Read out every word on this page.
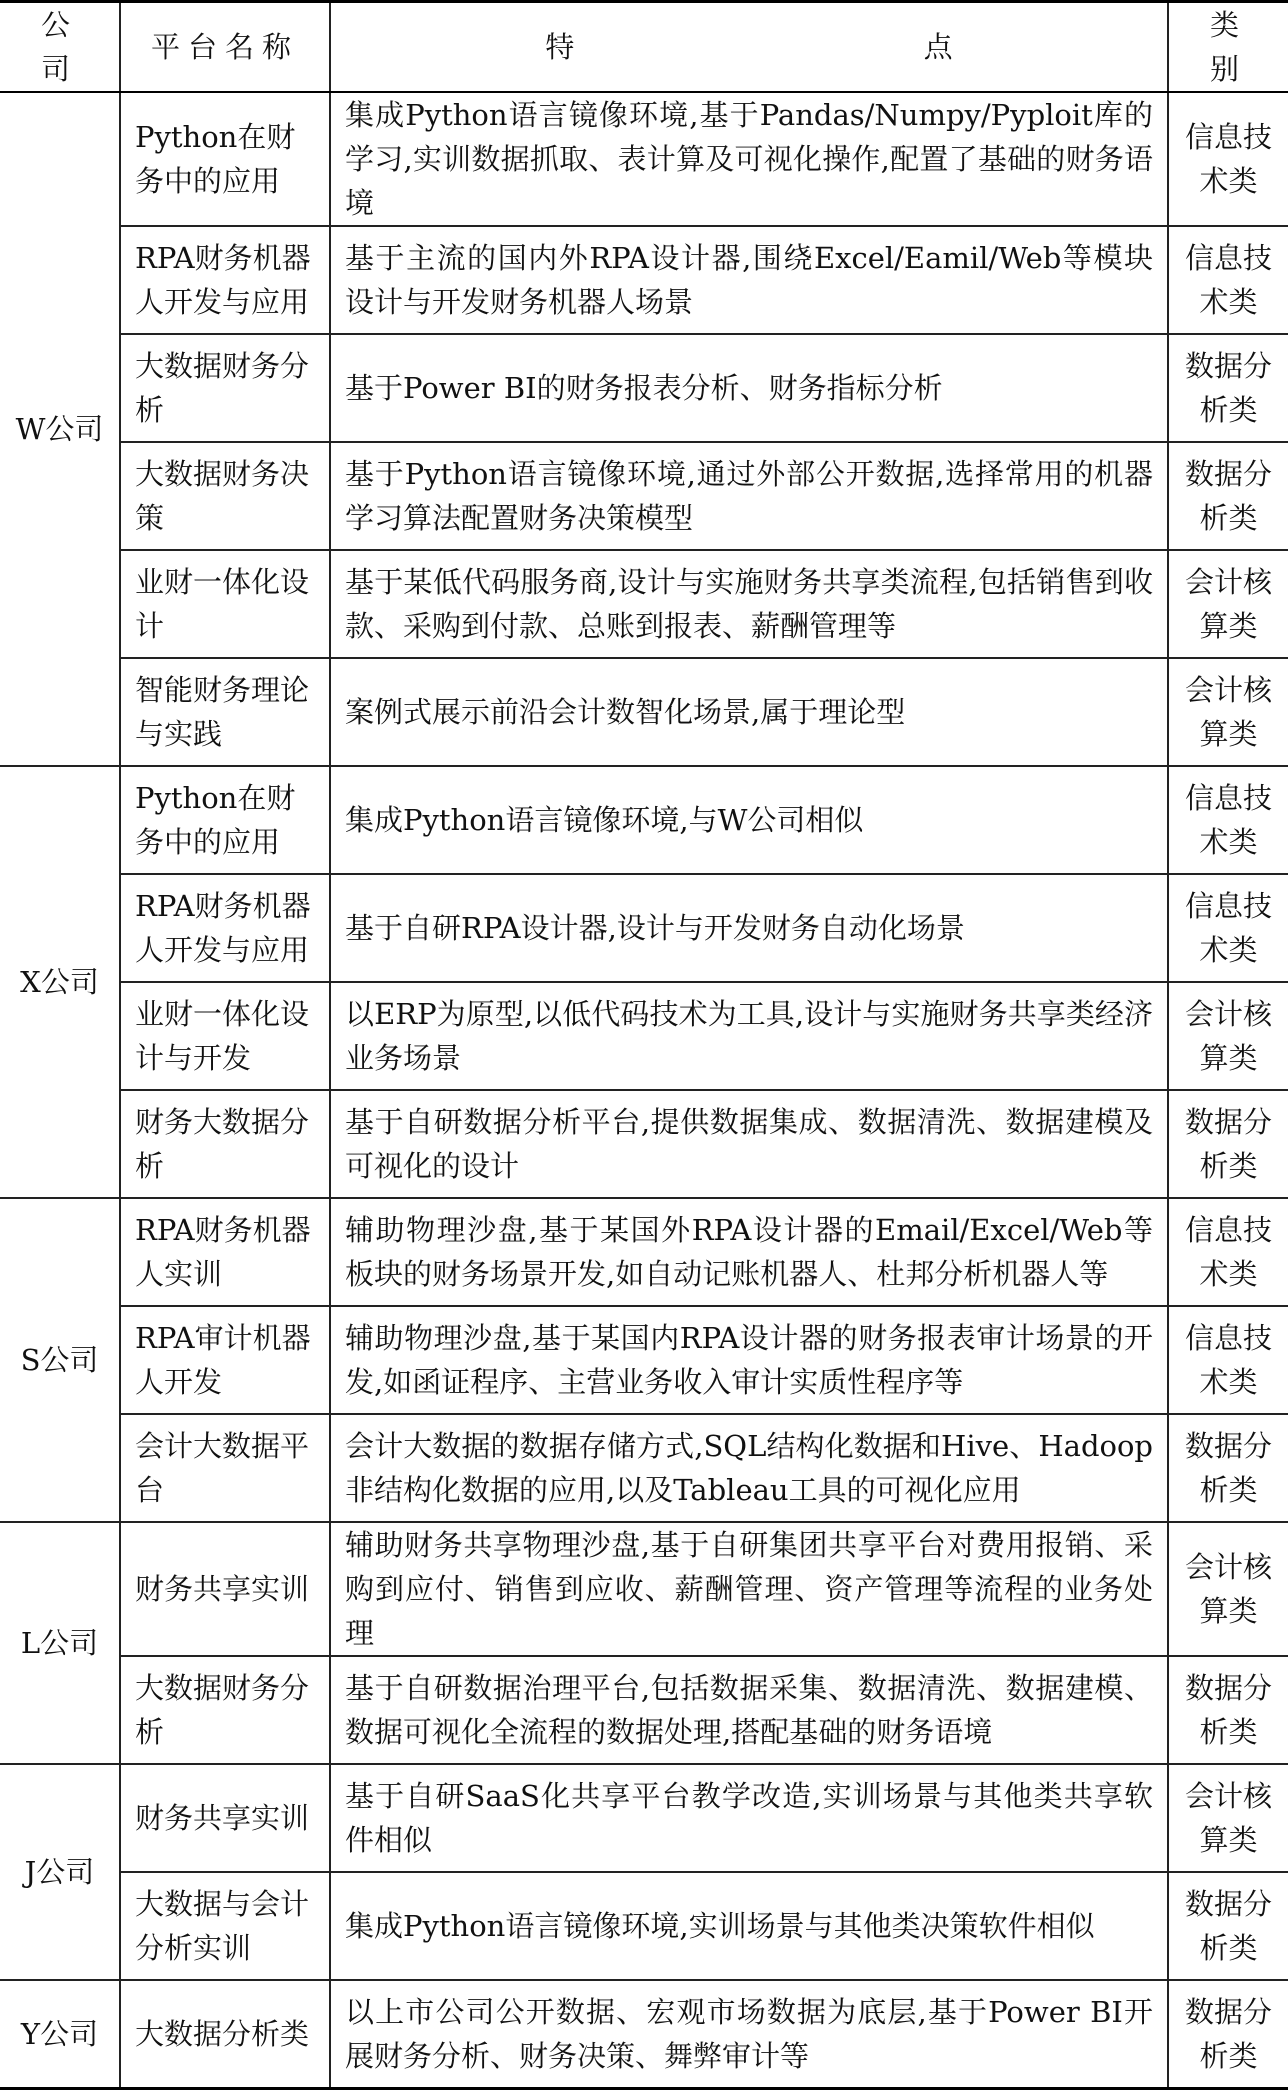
公 司	平台名称	特 点	类 别
W公司	Python在财务中的应用	集成Python语言镜像环境,基于Pandas/Numpy/Pyploit库的学习,实训数据抓取、表计算及可视化操作,配置了基础的财务语境	信息技术类
	RPA财务机器人开发与应用	基于主流的国内外RPA设计器,围绕Excel/Eamil/Web等模块设计与开发财务机器人场景	信息技术类
	大数据财务分析	基于Power BI的财务报表分析、财务指标分析	数据分析类
	大数据财务决策	基于Python语言镜像环境,通过外部公开数据,选择常用的机器学习算法配置财务决策模型	数据分析类
	业财一体化设计	基于某低代码服务商,设计与实施财务共享类流程,包括销售到收款、采购到付款、总账到报表、薪酬管理等	会计核算类
	智能财务理论与实践	案例式展示前沿会计数智化场景,属于理论型	会计核算类
X公司	Python在财务中的应用	集成Python语言镜像环境,与W公司相似	信息技术类
	RPA财务机器人开发与应用	基于自研RPA设计器,设计与开发财务自动化场景	信息技术类
	业财一体化设计与开发	以ERP为原型,以低代码技术为工具,设计与实施财务共享类经济业务场景	会计核算类
	财务大数据分析	基于自研数据分析平台,提供数据集成、数据清洗、数据建模及可视化的设计	数据分析类
S公司	RPA财务机器人实训	辅助物理沙盘,基于某国外RPA设计器的Email/Excel/Web等板块的财务场景开发,如自动记账机器人、杜邦分析机器人等	信息技术类
	RPA审计机器人开发	辅助物理沙盘,基于某国内RPA设计器的财务报表审计场景的开发,如函证程序、主营业务收入审计实质性程序等	信息技术类
	会计大数据平台	会计大数据的数据存储方式,SQL结构化数据和Hive、Hadoop非结构化数据的应用,以及Tableau工具的可视化应用	数据分析类
L公司	财务共享实训	辅助财务共享物理沙盘,基于自研集团共享平台对费用报销、采购到应付、销售到应收、薪酬管理、资产管理等流程的业务处理	会计核算类
	大数据财务分析	基于自研数据治理平台,包括数据采集、数据清洗、数据建模、数据可视化全流程的数据处理,搭配基础的财务语境	数据分析类
J公司	财务共享实训	基于自研SaaS化共享平台教学改造,实训场景与其他类共享软件相似	会计核算类
	大数据与会计分析实训	集成Python语言镜像环境,实训场景与其他类决策软件相似	数据分析类
Y公司	大数据分析类	以上市公司公开数据、宏观市场数据为底层,基于Power BI开展财务分析、财务决策、舞弊审计等	数据分析类
